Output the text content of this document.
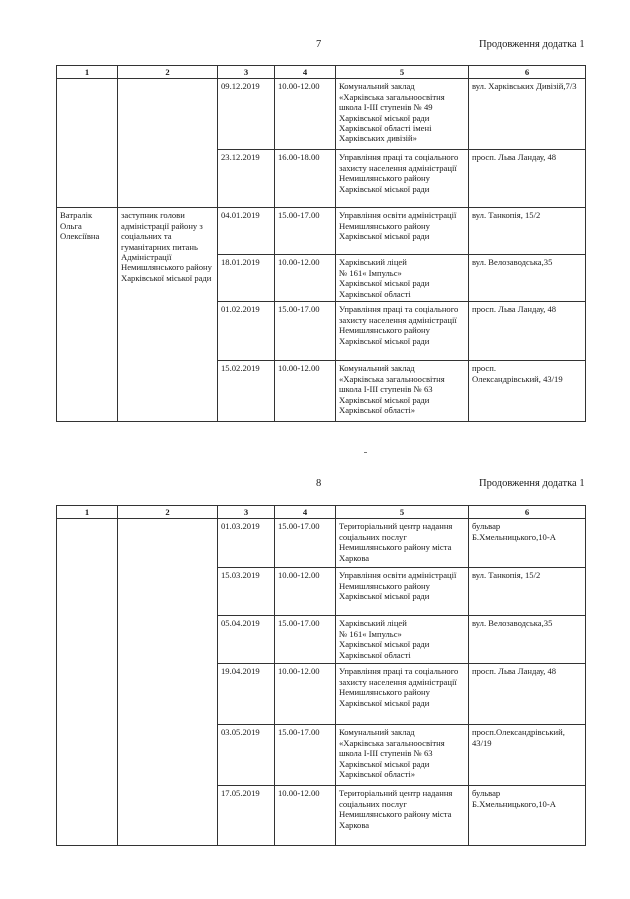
7	Продовження додатка 1
1	2	3	4	5	6
		09.12.2019	10.00-12.00	Комунальний заклад
«Харківська загальноосвітня школа І-ІІІ ступенів № 49 Харківської міської ради Харківської області імені Харківських дивізій»	вул. Харківських Дивізій,7/3
		23.12.2019	16.00-18.00	Управління праці та соціального захисту населення адміністрації Немишлянського району Харківської міської ради	просп. Льва Ландау, 48
Ватралік
Ольга
Олексіївна	заступник голови адміністрації району з соціальних та гуманітарних питань Адміністрації Немишлянського району Харківської міської ради	04.01.2019	15.00-17.00	Управління освіти адміністрації Немишлянського району Харківської міської ради	вул. Танкопія, 15/2
		18.01.2019	10.00-12.00	Харківський ліцей
№ 161« Імпульс»
Харківської міської ради Харківської області	вул. Велозаводська,35
		01.02.2019	15.00-17.00	Управління праці та соціального захисту населення адміністрації Немишлянського району Харківської міської ради	просп. Льва Ландау, 48
		15.02.2019	10.00-12.00	Комунальний заклад
«Харківська загальноосвітня школа І-ІІІ ступенів № 63 Харківської міської ради Харківської області»	просп.
Олександрівський, 43/19
8	Продовження додатка 1
1	2	3	4	5	6
		01.03.2019	15.00-17.00	Територіальний центр надання соціальних послуг Немишлянського району міста Харкова	бульвар
Б.Хмельницького,10-А
		15.03.2019	10.00-12.00	Управління освіти адміністрації Немишлянського району Харківської міської ради	вул. Танкопія, 15/2
		05.04.2019	15.00-17.00	Харківський ліцей
№ 161« Імпульс»
Харківської міської ради Харківської області	вул. Велозаводська,35
		19.04.2019	10.00-12.00	Управління праці та соціального захисту населення адміністрації Немишлянського району Харківської міської ради	просп. Льва Ландау, 48
		03.05.2019	15.00-17.00	Комунальний заклад
«Харківська загальноосвітня школа І-ІІІ ступенів № 63 Харківської міської ради Харківської області»	просп.Олександрівський, 43/19
		17.05.2019	10.00-12.00	Територіальний центр надання соціальних послуг Немишлянського району міста Харкова	бульвар
Б.Хмельницького,10-А
